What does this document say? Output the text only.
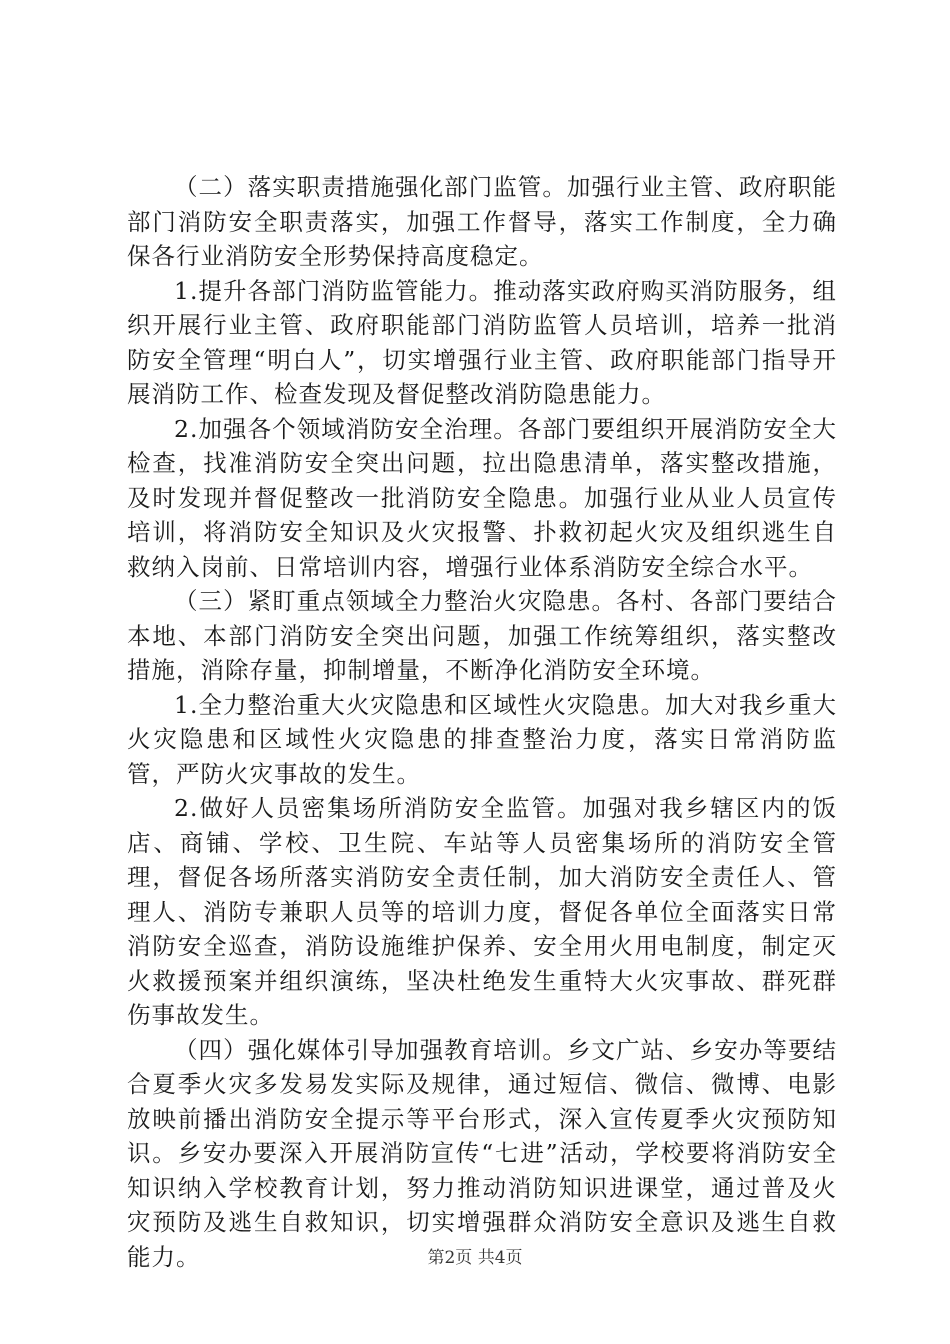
（二）落实职责措施强化部门监管。加强行业主管、政府职能部门消防安全职责落实，加强工作督导，落实工作制度，全力确保各行业消防安全形势保持高度稳定。

1.提升各部门消防监管能力。推动落实政府购买消防服务，组织开展行业主管、政府职能部门消防监管人员培训，培养一批消防安全管理“明白人”，切实增强行业主管、政府职能部门指导开展消防工作、检查发现及督促整改消防隐患能力。

2.加强各个领域消防安全治理。各部门要组织开展消防安全大检查，找准消防安全突出问题，拉出隐患清单，落实整改措施，及时发现并督促整改一批消防安全隐患。加强行业从业人员宣传培训，将消防安全知识及火灾报警、扑救初起火灾及组织逃生自救纳入岗前、日常培训内容，增强行业体系消防安全综合水平。

（三）紧盯重点领域全力整治火灾隐患。各村、各部门要结合本地、本部门消防安全突出问题，加强工作统筹组织，落实整改措施，消除存量，抑制增量，不断净化消防安全环境。

1.全力整治重大火灾隐患和区域性火灾隐患。加大对我乡重大火灾隐患和区域性火灾隐患的排查整治力度，落实日常消防监管，严防火灾事故的发生。

2.做好人员密集场所消防安全监管。加强对我乡辖区内的饭店、商铺、学校、卫生院、车站等人员密集场所的消防安全管理，督促各场所落实消防安全责任制，加大消防安全责任人、管理人、消防专兼职人员等的培训力度，督促各单位全面落实日常消防安全巡查，消防设施维护保养、安全用火用电制度，制定灭火救援预案并组织演练，坚决杜绝发生重特大火灾事故、群死群伤事故发生。

（四）强化媒体引导加强教育培训。乡文广站、乡安办等要结合夏季火灾多发易发实际及规律，通过短信、微信、微博、电影放映前播出消防安全提示等平台形式，深入宣传夏季火灾预防知识。乡安办要深入开展消防宣传“七进”活动，学校要将消防安全知识纳入学校教育计划，努力推动消防知识进课堂，通过普及火灾预防及逃生自救知识，切实增强群众消防安全意识及逃生自救能力。	第2页 共4页
